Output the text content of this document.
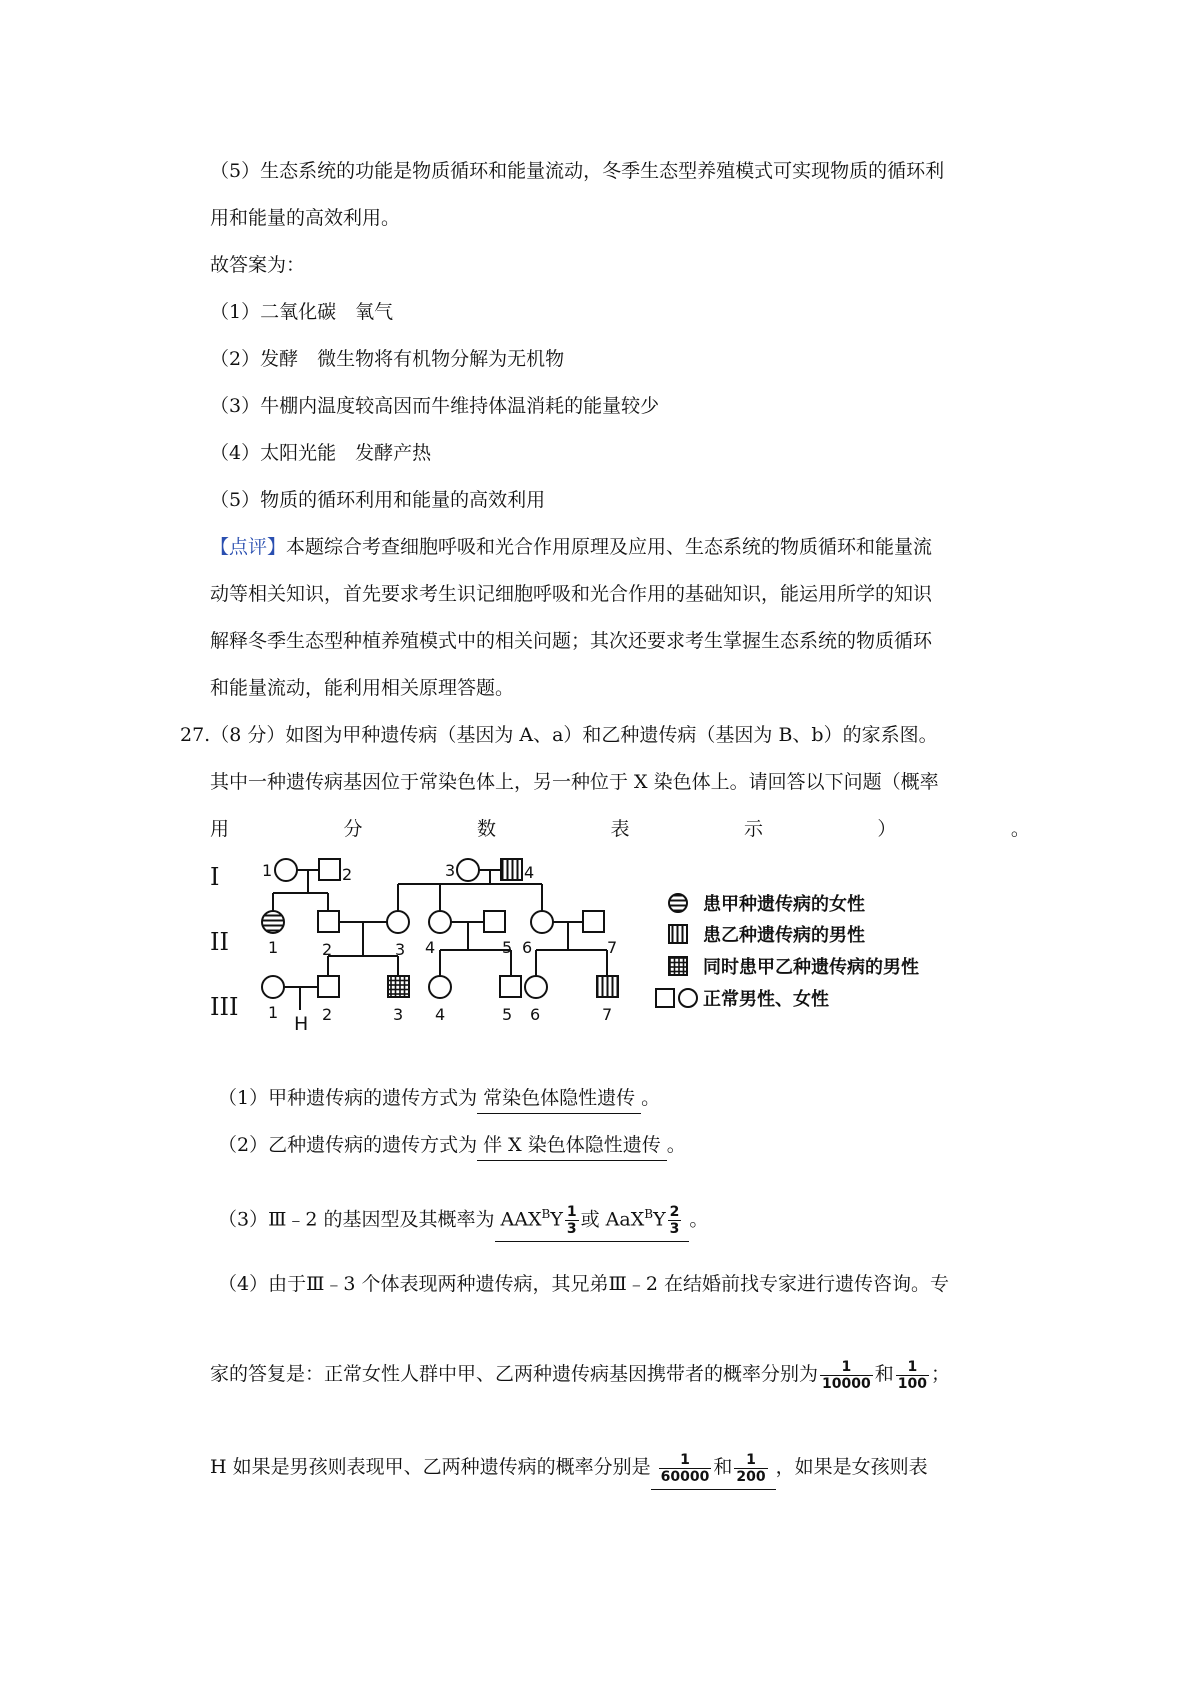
（5）生态系统的功能是物质循环和能量流动，冬季生态型养殖模式可实现物质的循环利
用和能量的高效利用。
故答案为：
（1）二氧化碳　氧气
（2）发酵　微生物将有机物分解为无机物
（3）牛棚内温度较高因而牛维持体温消耗的能量较少
（4）太阳光能　发酵产热
（5）物质的循环利用和能量的高效利用
【点评】本题综合考查细胞呼吸和光合作用原理及应用、生态系统的物质循环和能量流
动等相关知识，首先要求考生识记细胞呼吸和光合作用的基础知识，能运用所学的知识
解释冬季生态型种植养殖模式中的相关问题；其次还要求考生掌握生态系统的物质循环
和能量流动，能利用相关原理答题。
27.（8 分）如图为甲种遗传病（基因为 A、a）和乙种遗传病（基因为 B、b）的家系图。
其中一种遗传病基因位于常染色体上，另一种位于 X 染色体上。请回答以下问题（概率
用	分	数	表	示	）	。
I
II
III
1	2	3	4
1	2	3 4	5 6	7
H
1	2	3 4	5 6	7
患甲种遗传病的女性
患乙种遗传病的男性
同时患甲乙种遗传病的男性
正常男性、女性
（1）甲种遗传病的遗传方式为 常染色体隐性遗传 。
（2）乙种遗传病的遗传方式为 伴 X 染色体隐性遗传 。
（3）Ⅲ﹣2 的基因型及其概率为 $AAX^BY \frac{1}{3}$ 或 $AaX^BY \frac{2}{3}$ 。
（4）由于Ⅲ﹣3 个体表现两种遗传病，其兄弟Ⅲ﹣2 在结婚前找专家进行遗传咨询。专
家的答复是：正常女性人群中甲、乙两种遗传病基因携带者的概率分别为 $\frac{1}{10000}$ 和 $\frac{1}{100}$ ；
H 如果是男孩则表现甲、乙两种遗传病的概率分别是 $\frac{1}{60000}$ 和 $\frac{1}{200}$ ，如果是女孩则表
